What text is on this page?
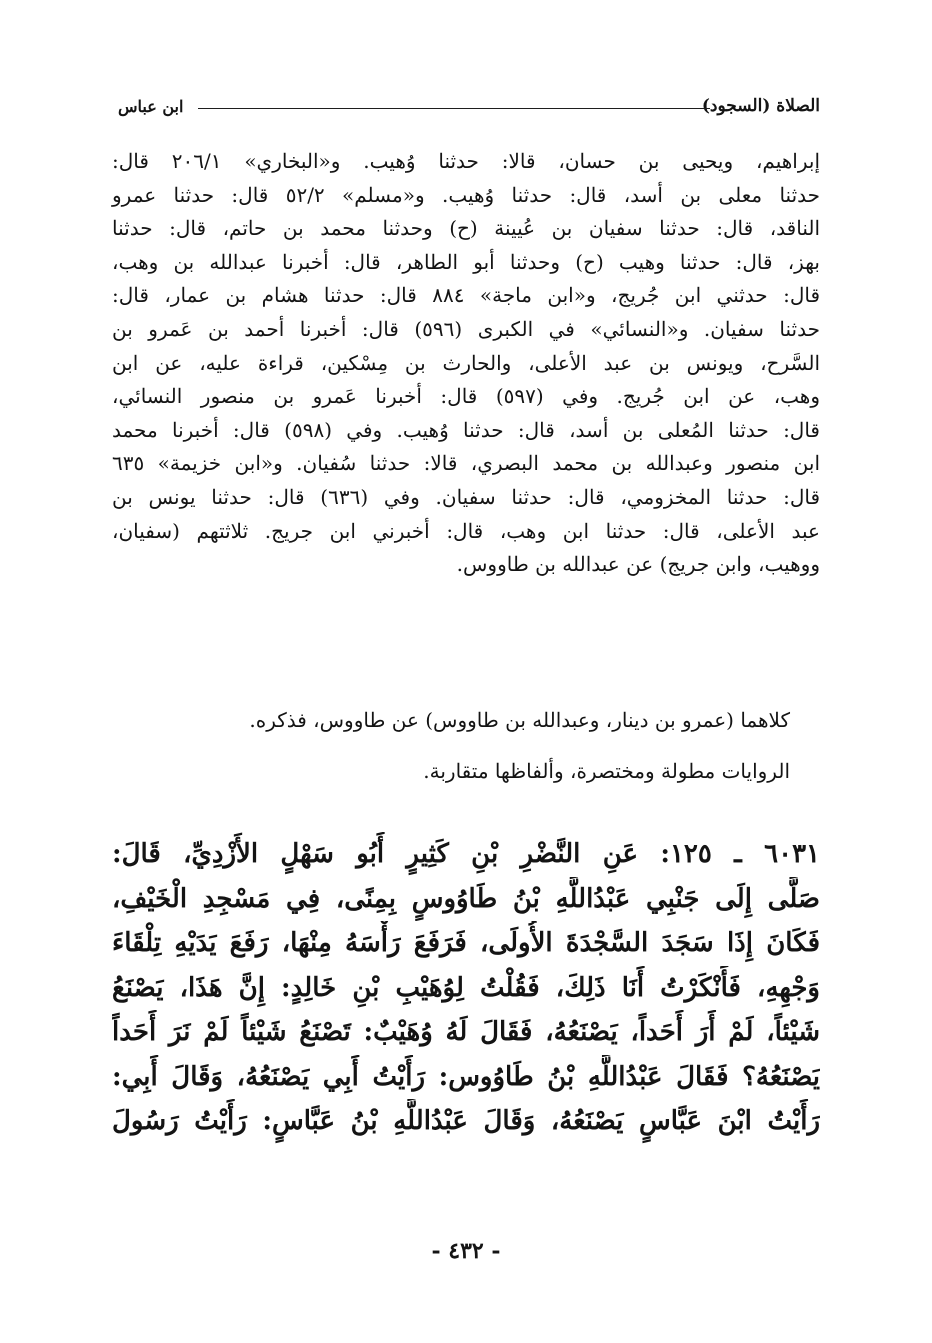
الصلاة (السجود)
ابن عباس

إبراهيم، ويحيى بن حسان، قالا: حدثنا وُهيب. و«البخاري» ٢٠٦/١ قال:

حدثنا معلى بن أسد، قال: حدثنا وُهيب. و«مسلم» ٥٢/٢ قال: حدثنا عمرو

الناقد، قال: حدثنا سفيان بن عُيينة (ح) وحدثنا محمد بن حاتم، قال: حدثنا

بهز، قال: حدثنا وهيب (ح) وحدثنا أبو الطاهر، قال: أخبرنا عبدالله بن وهب،

قال: حدثني ابن جُريج، و«ابن ماجة» ٨٨٤ قال: حدثنا هشام بن عمار، قال:

حدثنا سفيان. و«النسائي» في الكبرى (٥٩٦) قال: أخبرنا أحمد بن عَمرو بن

السَّرح، ويونس بن عبد الأعلى، والحارث بن مِسْكين، قراءة عليه، عن ابن

وهب، عن ابن جُريج. وفي (٥٩٧) قال: أخبرنا عَمرو بن منصور النسائي،

قال: حدثنا المُعلى بن أسد، قال: حدثنا وُهيب. وفي (٥٩٨) قال: أخبرنا محمد

ابن منصور وعبدالله بن محمد البصري، قالا: حدثنا سُفيان. و«ابن خزيمة» ٦٣٥

قال: حدثنا المخزومي، قال: حدثنا سفيان. وفي (٦٣٦) قال: حدثنا يونس بن

عبد الأعلى، قال: حدثنا ابن وهب، قال: أخبرني ابن جريج. ثلاثتهم (سفيان،

ووهيب، وابن جريج) عن عبدالله بن طاووس.

كلاهما (عمرو بن دينار، وعبدالله بن طاووس) عن طاووس، فذكره.
الروايات مطولة ومختصرة، وألفاظها متقاربة.

٦٠٣١ ـ ١٢٥: عَنِ النَّضْرِ بْنِ كَثِيرٍ أَبُو سَهْلٍ الأَزْدِيِّ، قَالَ:

صَلَّى إِلَى جَنْبِي عَبْدُاللَّهِ بْنُ طَاوُوسٍ بِمِنًى، فِي مَسْجِدِ الْخَيْفِ،

فَكَانَ إِذَا سَجَدَ السَّجْدَةَ الأُولَى، فَرَفَعَ رَأْسَهُ مِنْهَا، رَفَعَ يَدَيْهِ تِلْقَاءَ

وَجْهِهِ، فَأَنْكَرْتُ أَنَا ذَلِكَ، فَقُلْتُ لِوُهَيْبِ بْنِ خَالِدٍ: إِنَّ هَذَا، يَصْنَعُ

شَيْئاً، لَمْ أَرَ أَحَداً، يَصْنَعُهُ، فَقَالَ لَهُ وُهَيْبٌ: تَصْنَعُ شَيْئاً لَمْ نَرَ أَحَداً

يَصْنَعُهُ؟ فَقَالَ عَبْدُاللَّهِ بْنُ طَاوُوس: رَأَيْتُ أَبِي يَصْنَعُهُ، وَقَالَ أَبِي:

رَأَيْتُ ابْنَ عَبَّاسٍ يَصْنَعُهُ، وَقَالَ عَبْدُاللَّهِ بْنُ عَبَّاسٍ: رَأَيْتُ رَسُولَ

- ٤٣٢ -
